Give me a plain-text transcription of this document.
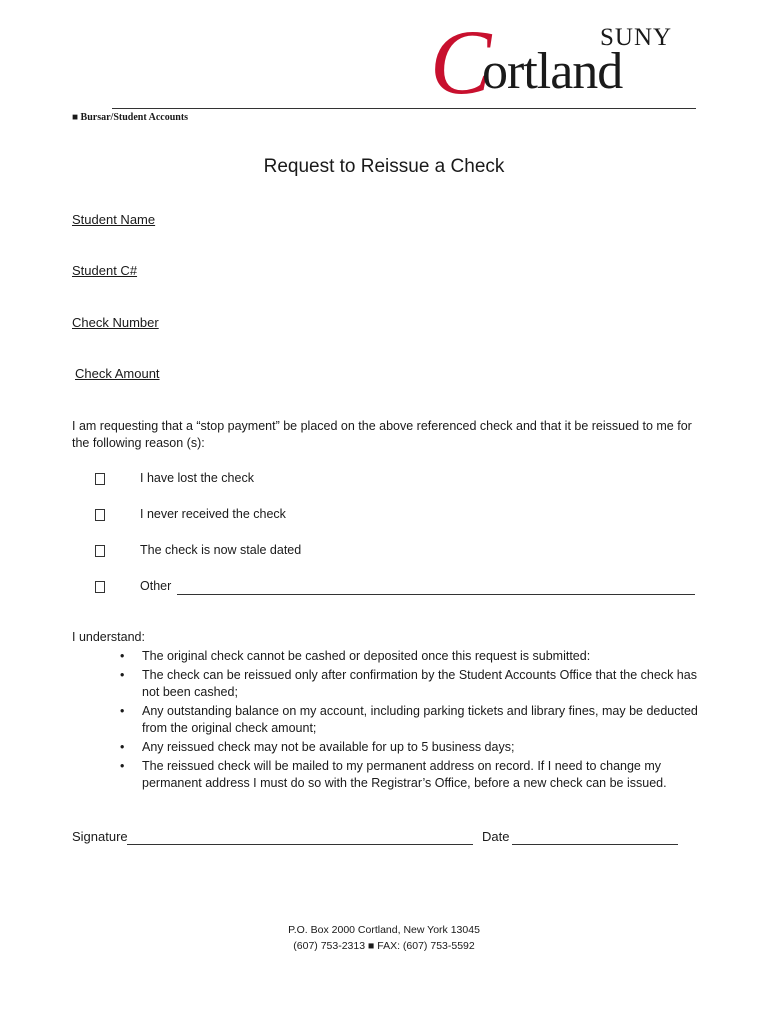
SUNY
C
ortland
■ Bursar/Student Accounts
Request to Reissue a Check
Student Name
Student C#
Check Number
Check Amount
I am requesting that a “stop payment” be placed on the above referenced check and that it be reissued to me for the following reason (s):
I have lost the check
I never received the check
The check is now stale dated
Other
I understand:
• The original check cannot be cashed or deposited once this request is submitted:
• The check can be reissued only after confirmation by the Student Accounts Office that the check has not been cashed;
• Any outstanding balance on my account, including parking tickets and library fines, may be deducted from the original check amount;
• Any reissued check may not be available for up to 5 business days;
• The reissued check will be mailed to my permanent address on record. If I need to change my permanent address I must do so with the Registrar’s Office, before a new check can be issued.
Signature	Date
P.O. Box 2000 Cortland, New York 13045
(607) 753-2313 ■ FAX: (607) 753-5592
